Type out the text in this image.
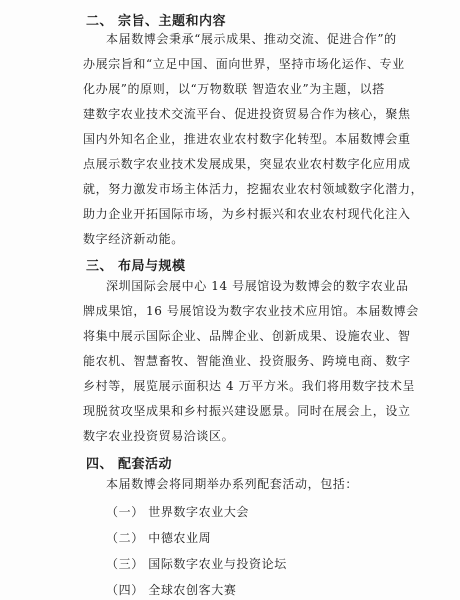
二、 宗旨、主题和内容
本届数博会秉承“展示成果、推动交流、促进合作”的
办展宗旨和“立足中国、面向世界，坚持市场化运作、专业
化办展”的原则，以“万物数联 智造农业”为主题，以搭
建数字农业技术交流平台、促进投资贸易合作为核心，聚焦
国内外知名企业，推进农业农村数字化转型。本届数博会重
点展示数字农业技术发展成果，突显农业农村数字化应用成
就，努力激发市场主体活力，挖掘农业农村领域数字化潜力，
助力企业开拓国际市场，为乡村振兴和农业农村现代化注入
数字经济新动能。
三、 布局与规模
深圳国际会展中心 14 号展馆设为数博会的数字农业品
牌成果馆，16 号展馆设为数字农业技术应用馆。本届数博会
将集中展示国际企业、品牌企业、创新成果、设施农业、智
能农机、智慧畜牧、智能渔业、投资服务、跨境电商、数字
乡村等，展览展示面积达 4 万平方米。我们将用数字技术呈
现脱贫攻坚成果和乡村振兴建设愿景。同时在展会上，设立
数字农业投资贸易洽谈区。
四、 配套活动
本届数博会将同期举办系列配套活动，包括：
（一） 世界数字农业大会
（二） 中德农业周
（三） 国际数字农业与投资论坛
（四） 全球农创客大赛
